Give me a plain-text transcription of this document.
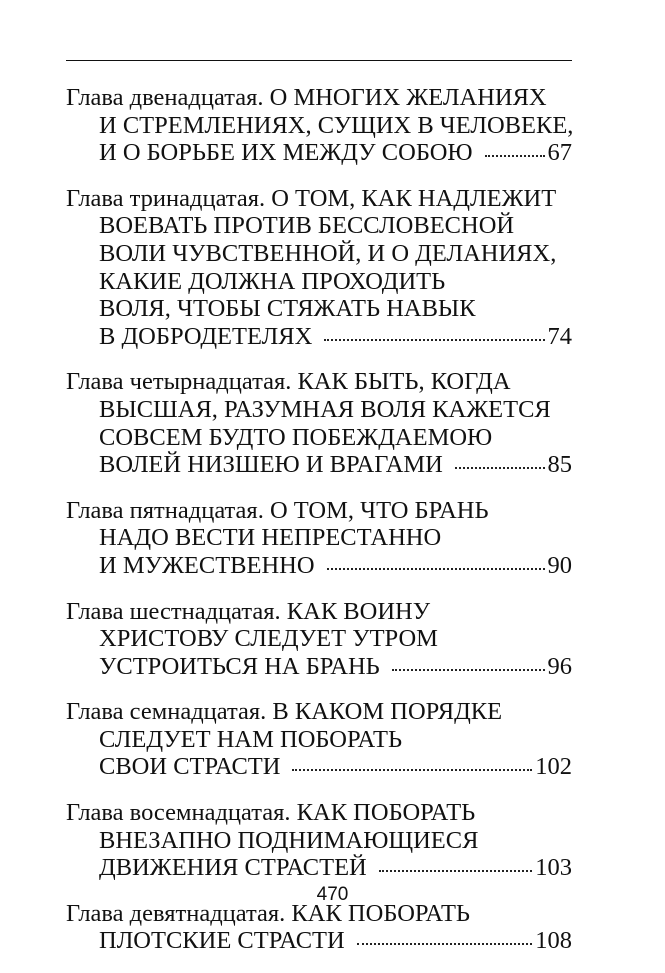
Глава двенадцатая. О МНОГИХ ЖЕЛАНИЯХ
И СТРЕМЛЕНИЯХ, СУЩИХ В ЧЕЛОВЕКЕ,
И О БОРЬБЕ ИХ МЕЖДУ СОБОЮ	67
Глава тринадцатая. О ТОМ, КАК НАДЛЕЖИТ
ВОЕВАТЬ ПРОТИВ БЕССЛОВЕСНОЙ
ВОЛИ ЧУВСТВЕННОЙ, И О ДЕЛАНИЯХ,
КАКИЕ ДОЛЖНА ПРОХОДИТЬ
ВОЛЯ, ЧТОБЫ СТЯЖАТЬ НАВЫК
В ДОБРОДЕТЕЛЯХ	74
Глава четырнадцатая. КАК БЫТЬ, КОГДА
ВЫСШАЯ, РАЗУМНАЯ ВОЛЯ КАЖЕТСЯ
СОВСЕМ БУДТО ПОБЕЖДАЕМОЮ
ВОЛЕЙ НИЗШЕЮ И ВРАГАМИ	85
Глава пятнадцатая. О ТОМ, ЧТО БРАНЬ
НАДО ВЕСТИ НЕПРЕСТАННО
И МУЖЕСТВЕННО	90
Глава шестнадцатая. КАК ВОИНУ
ХРИСТОВУ СЛЕДУЕТ УТРОМ
УСТРОИТЬСЯ НА БРАНЬ	96
Глава семнадцатая. В КАКОМ ПОРЯДКЕ
СЛЕДУЕТ НАМ ПОБОРАТЬ
СВОИ СТРАСТИ	102
Глава восемнадцатая. КАК ПОБОРАТЬ
ВНЕЗАПНО ПОДНИМАЮЩИЕСЯ
ДВИЖЕНИЯ СТРАСТЕЙ	103
Глава девятнадцатая. КАК ПОБОРАТЬ
ПЛОТСКИЕ СТРАСТИ	108
470
